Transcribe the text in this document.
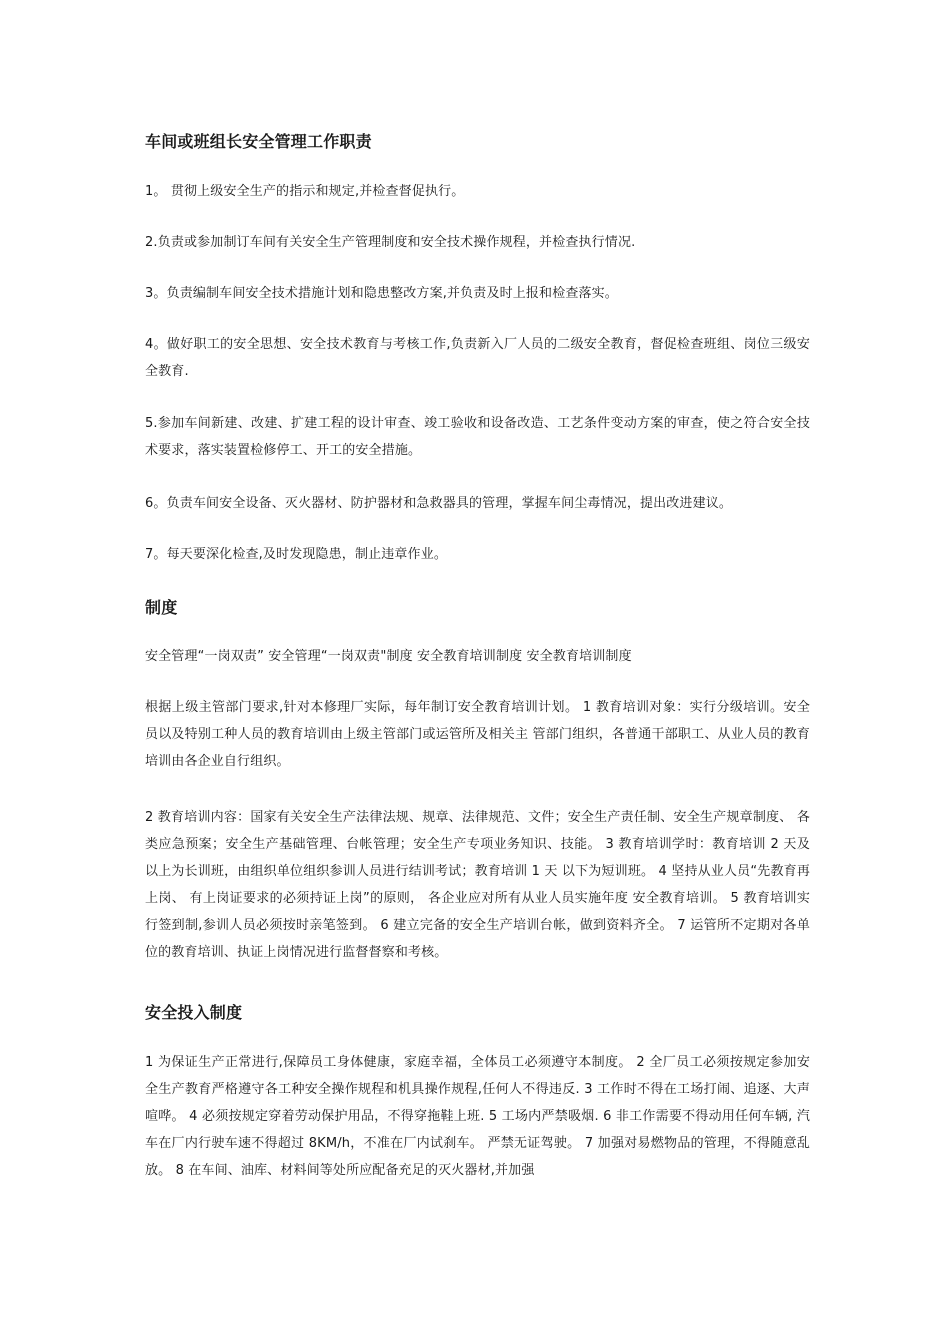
车间或班组长安全管理工作职责
1。 贯彻上级安全生产的指示和规定,并检查督促执行。
2.负责或参加制订车间有关安全生产管理制度和安全技术操作规程，并检查执行情况.
3。负责编制车间安全技术措施计划和隐患整改方案,并负责及时上报和检查落实。
4。做好职工的安全思想、安全技术教育与考核工作,负责新入厂人员的二级安全教育，督促检查班组、岗位三级安全教育.
5.参加车间新建、改建、扩建工程的设计审查、竣工验收和设备改造、工艺条件变动方案的审查，使之符合安全技术要求，落实装置检修停工、开工的安全措施。
6。负责车间安全设备、灭火器材、防护器材和急救器具的管理，掌握车间尘毒情况，提出改进建议。
7。每天要深化检查,及时发现隐患，制止违章作业。
制度
安全管理“一岗双责” 安全管理“一岗双责"制度 安全教育培训制度 安全教育培训制度
根据上级主管部门要求,针对本修理厂实际，每年制订安全教育培训计划。 1 教育培训对象：实行分级培训。安全员以及特别工种人员的教育培训由上级主管部门或运管所及相关主 管部门组织，各普通干部职工、从业人员的教育培训由各企业自行组织。
2 教育培训内容：国家有关安全生产法律法规、规章、法律规范、文件；安全生产责任制、安全生产规章制度、 各类应急预案；安全生产基础管理、台帐管理；安全生产专项业务知识、技能。 3 教育培训学时：教育培训 2 天及以上为长训班，由组织单位组织参训人员进行结训考试；教育培训 1 天 以下为短训班。 4 坚持从业人员“先教育再上岗、 有上岗证要求的必须持证上岗”的原则， 各企业应对所有从业人员实施年度 安全教育培训。 5 教育培训实行签到制,参训人员必须按时亲笔签到。 6 建立完备的安全生产培训台帐，做到资料齐全。 7 运管所不定期对各单位的教育培训、执证上岗情况进行监督督察和考核。
安全投入制度
1 为保证生产正常进行,保障员工身体健康，家庭幸福，全体员工必须遵守本制度。 2 全厂员工必须按规定参加安全生产教育严格遵守各工种安全操作规程和机具操作规程,任何人不得违反. 3 工作时不得在工场打闹、追逐、大声喧哗。 4 必须按规定穿着劳动保护用品，不得穿拖鞋上班. 5 工场内严禁吸烟. 6 非工作需要不得动用任何车辆, 汽车在厂内行驶车速不得超过 8KM/h，不准在厂内试刹车。 严禁无证驾驶。 7 加强对易燃物品的管理，不得随意乱放。 8 在车间、油库、材料间等处所应配备充足的灭火器材,并加强
